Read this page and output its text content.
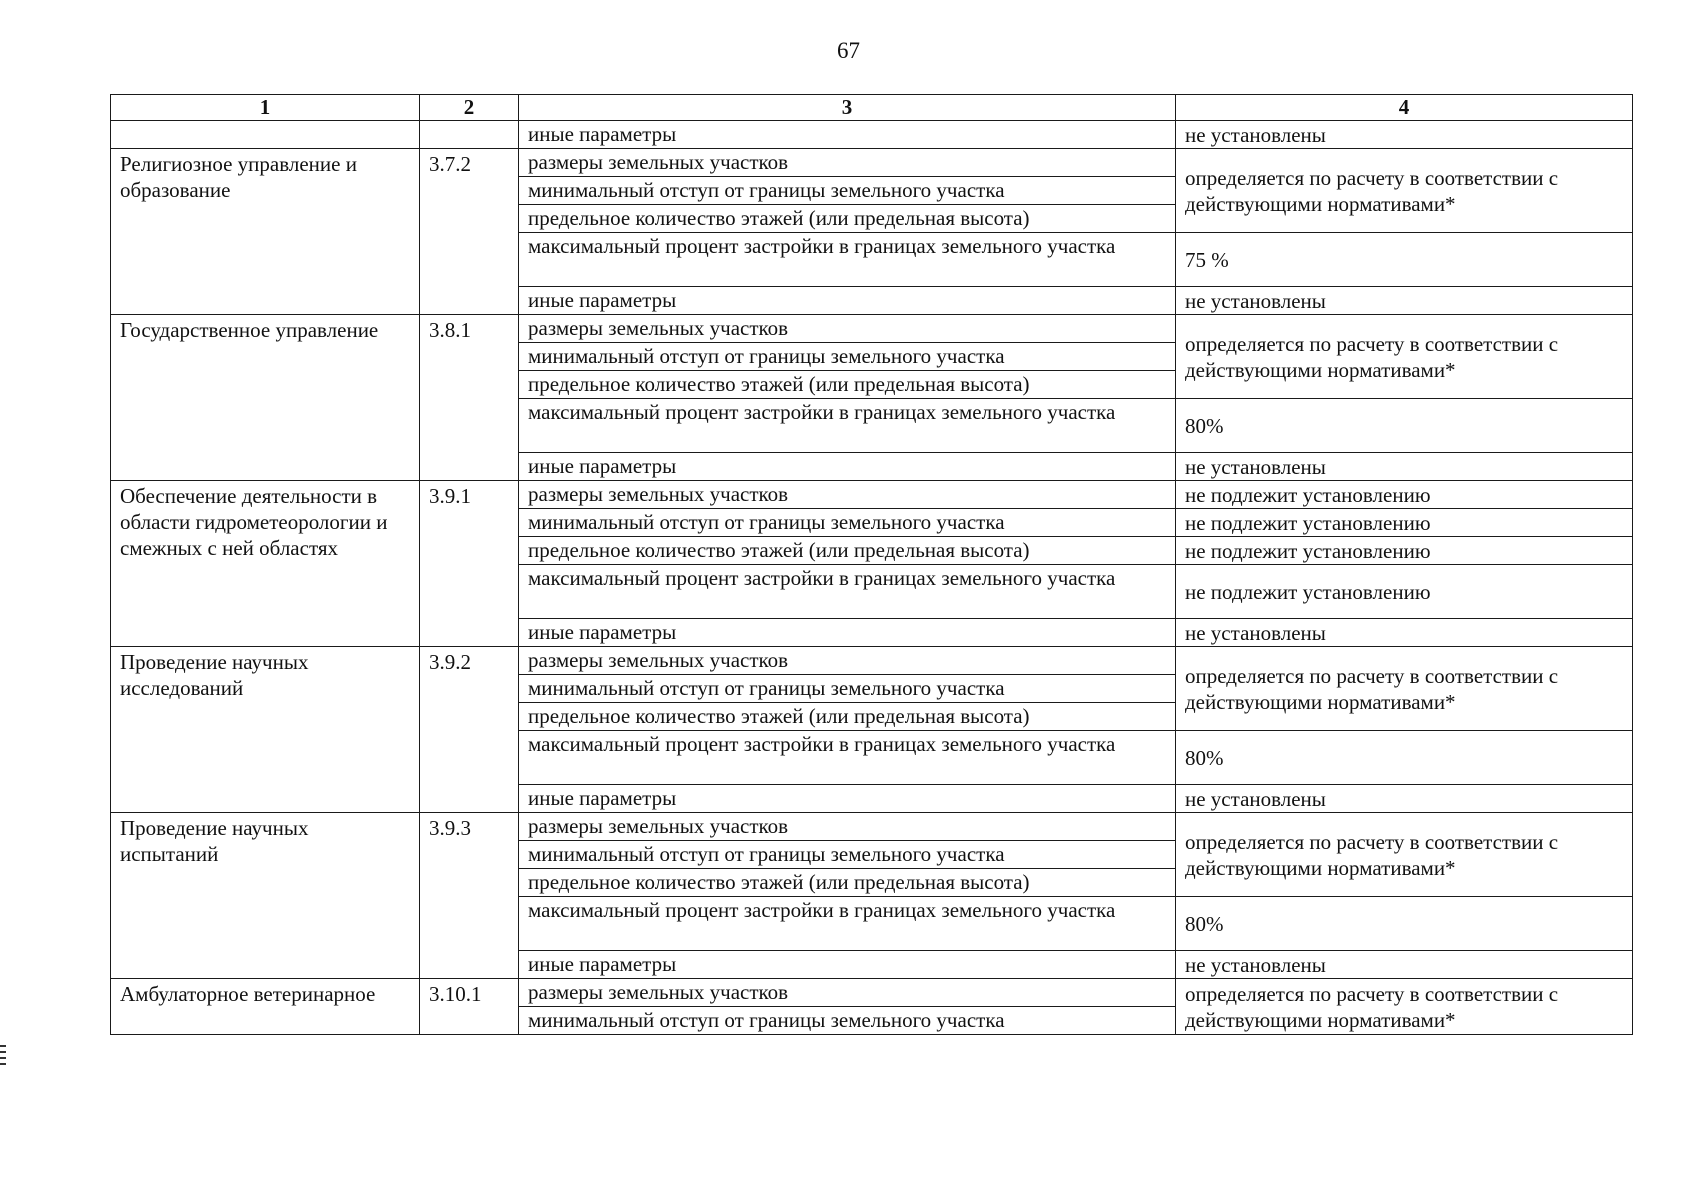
67
1	2	3	4
		иные параметры	не установлены
Религиозное управление и образование	3.7.2	размеры земельных участков	определяется по расчету в соответствии с действующими нормативами*
		минимальный отступ от границы земельного участка	
		предельное количество этажей (или предельная высота)	
		максимальный процент застройки в границах земельного участка	75 %
		иные параметры	не установлены
Государственное управление	3.8.1	размеры земельных участков	определяется по расчету в соответствии с действующими нормативами*
		минимальный отступ от границы земельного участка	
		предельное количество этажей (или предельная высота)	
		максимальный процент застройки в границах земельного участка	80%
		иные параметры	не установлены
Обеспечение деятельности в области гидрометеорологии и смежных с ней областях	3.9.1	размеры земельных участков	не подлежит установлению
		минимальный отступ от границы земельного участка	не подлежит установлению
		предельное количество этажей (или предельная высота)	не подлежит установлению
		максимальный процент застройки в границах земельного участка	не подлежит установлению
		иные параметры	не установлены
Проведение научных исследований	3.9.2	размеры земельных участков	определяется по расчету в соответствии с действующими нормативами*
		минимальный отступ от границы земельного участка	
		предельное количество этажей (или предельная высота)	
		максимальный процент застройки в границах земельного участка	80%
		иные параметры	не установлены
Проведение научных испытаний	3.9.3	размеры земельных участков	определяется по расчету в соответствии с действующими нормативами*
		минимальный отступ от границы земельного участка	
		предельное количество этажей (или предельная высота)	
		максимальный процент застройки в границах земельного участка	80%
		иные параметры	не установлены
Амбулаторное ветеринарное	3.10.1	размеры земельных участков	определяется по расчету в соответствии с действующими нормативами*
		минимальный отступ от границы земельного участка	
